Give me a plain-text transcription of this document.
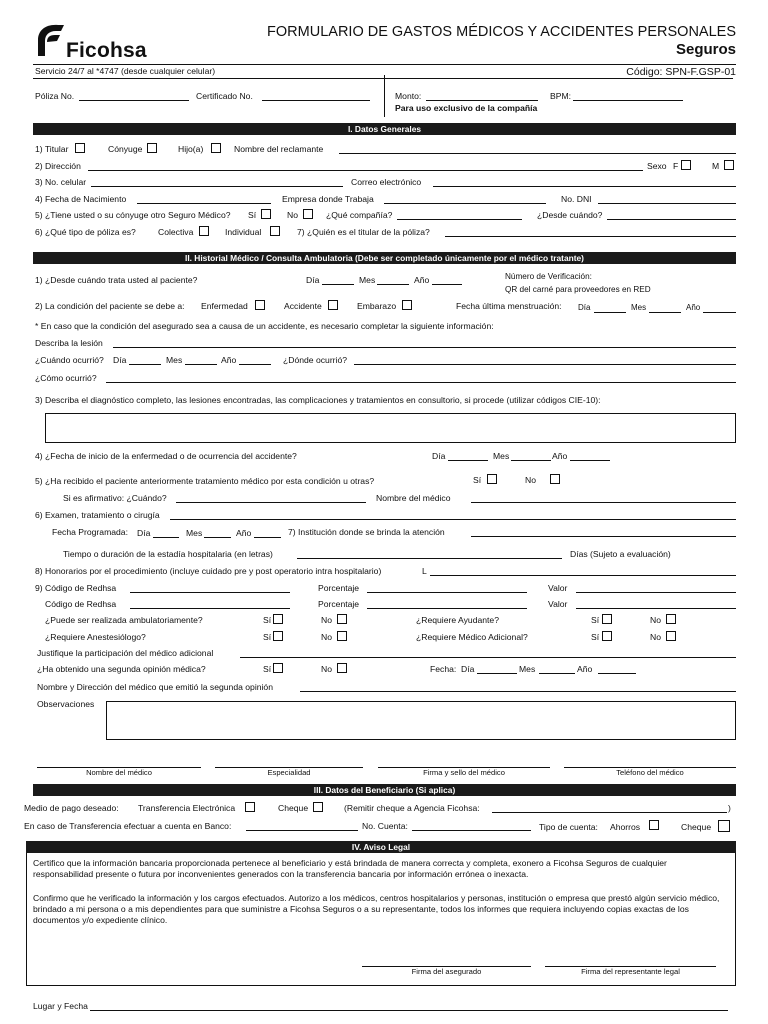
Ficohsa
FORMULARIO DE GASTOS MÉDICOS Y ACCIDENTES PERSONALES
Seguros
Servicio 24/7 al *4747 (desde cualquier celular)	Código: SPN-F.GSP-01
Póliza No.	Certificado No.	Monto:	BPM:
Para uso exclusivo de la compañía
I. Datos Generales
1) Titular	Cónyuge	Hijo(a)	Nombre del reclamante
2) Dirección	Sexo F	M
3) No. celular	Correo electrónico
4) Fecha de Nacimiento	Empresa donde Trabaja	No. DNI
5) ¿Tiene usted o su cónyuge otro Seguro Médico? Sí	No	¿Qué compañía?	¿Desde cuándo?
6) ¿Qué tipo de póliza es?	Colectiva	Individual	7) ¿Quién es el titular de la póliza?
II. Historial Médico / Consulta Ambulatoria (Debe ser completado únicamente por el médico tratante)
1) ¿Desde cuándo trata usted al paciente?	Día	Mes	Año	Número de Verificación:
QR del carné para proveedores en RED
2) La condición del paciente se debe a: Enfermedad	Accidente	Embarazo	Fecha última menstruación: Día	Mes	Año
* En caso que la condición del asegurado sea a causa de un accidente, es necesario completar la siguiente información:
Describa la lesión
¿Cuándo ocurrió? Día	Mes	Año	¿Dónde ocurrió?
¿Cómo ocurrió?
3) Describa el diagnóstico completo, las lesiones encontradas, las complicaciones y tratamientos en consultorio, si procede (utilizar códigos CIE-10):
4) ¿Fecha de inicio de la enfermedad o de ocurrencia del accidente?	Día	Mes	Año
5) ¿Ha recibido el paciente anteriormente tratamiento médico por esta condición u otras?	Sí	No
Si es afirmativo: ¿Cuándo?	Nombre del médico
6) Examen, tratamiento o cirugía
Fecha Programada: Día	Mes	Año	7) Institución donde se brinda la atención
Tiempo o duración de la estadía hospitalaria (en letras)	Días (Sujeto a evaluación)
8) Honorarios por el procedimiento (incluye cuidado pre y post operatorio intra hospitalario)	L
9) Código de Redhsa	Porcentaje	Valor
Código de Redhsa	Porcentaje	Valor
¿Puede ser realizada ambulatoriamente?	Sí	No	¿Requiere Ayudante?	Sí	No
¿Requiere Anestesiólogo?	Sí	No	¿Requiere Médico Adicional?	Sí	No
Justifique la participación del médico adicional
¿Ha obtenido una segunda opinión médica?	Sí	No	Fecha: Día	Mes	Año
Nombre y Dirección del médico que emitió la segunda opinión
Observaciones
Nombre del médico	Especialidad	Firma y sello del médico	Teléfono del médico
III. Datos del Beneficiario (Si aplica)
Medio de pago deseado: Transferencia Electrónica	Cheque	(Remitir cheque a Agencia Ficohsa:	)
En caso de Transferencia efectuar a cuenta en Banco:	No. Cuenta:	Tipo de cuenta: Ahorros	Cheque
IV. Aviso Legal
Certifico que la información bancaria proporcionada pertenece al beneficiario y está brindada de manera correcta y completa, exonero a Ficohsa Seguros de cualquier responsabilidad presente o futura por inconvenientes generados con la transferencia bancaria por información errónea o inexacta.
Confirmo que he verificado la información y los cargos efectuados. Autorizo a los médicos, centros hospitalarios y personas, institución o empresa que prestó algún servicio médico, brindado a mi persona o a mis dependientes para que suministre a Ficohsa Seguros o a su representante, todos los informes que requiera incluyendo copias exactas de los documentos y/o expediente clínico.
Firma del asegurado	Firma del representante legal
Lugar y Fecha
